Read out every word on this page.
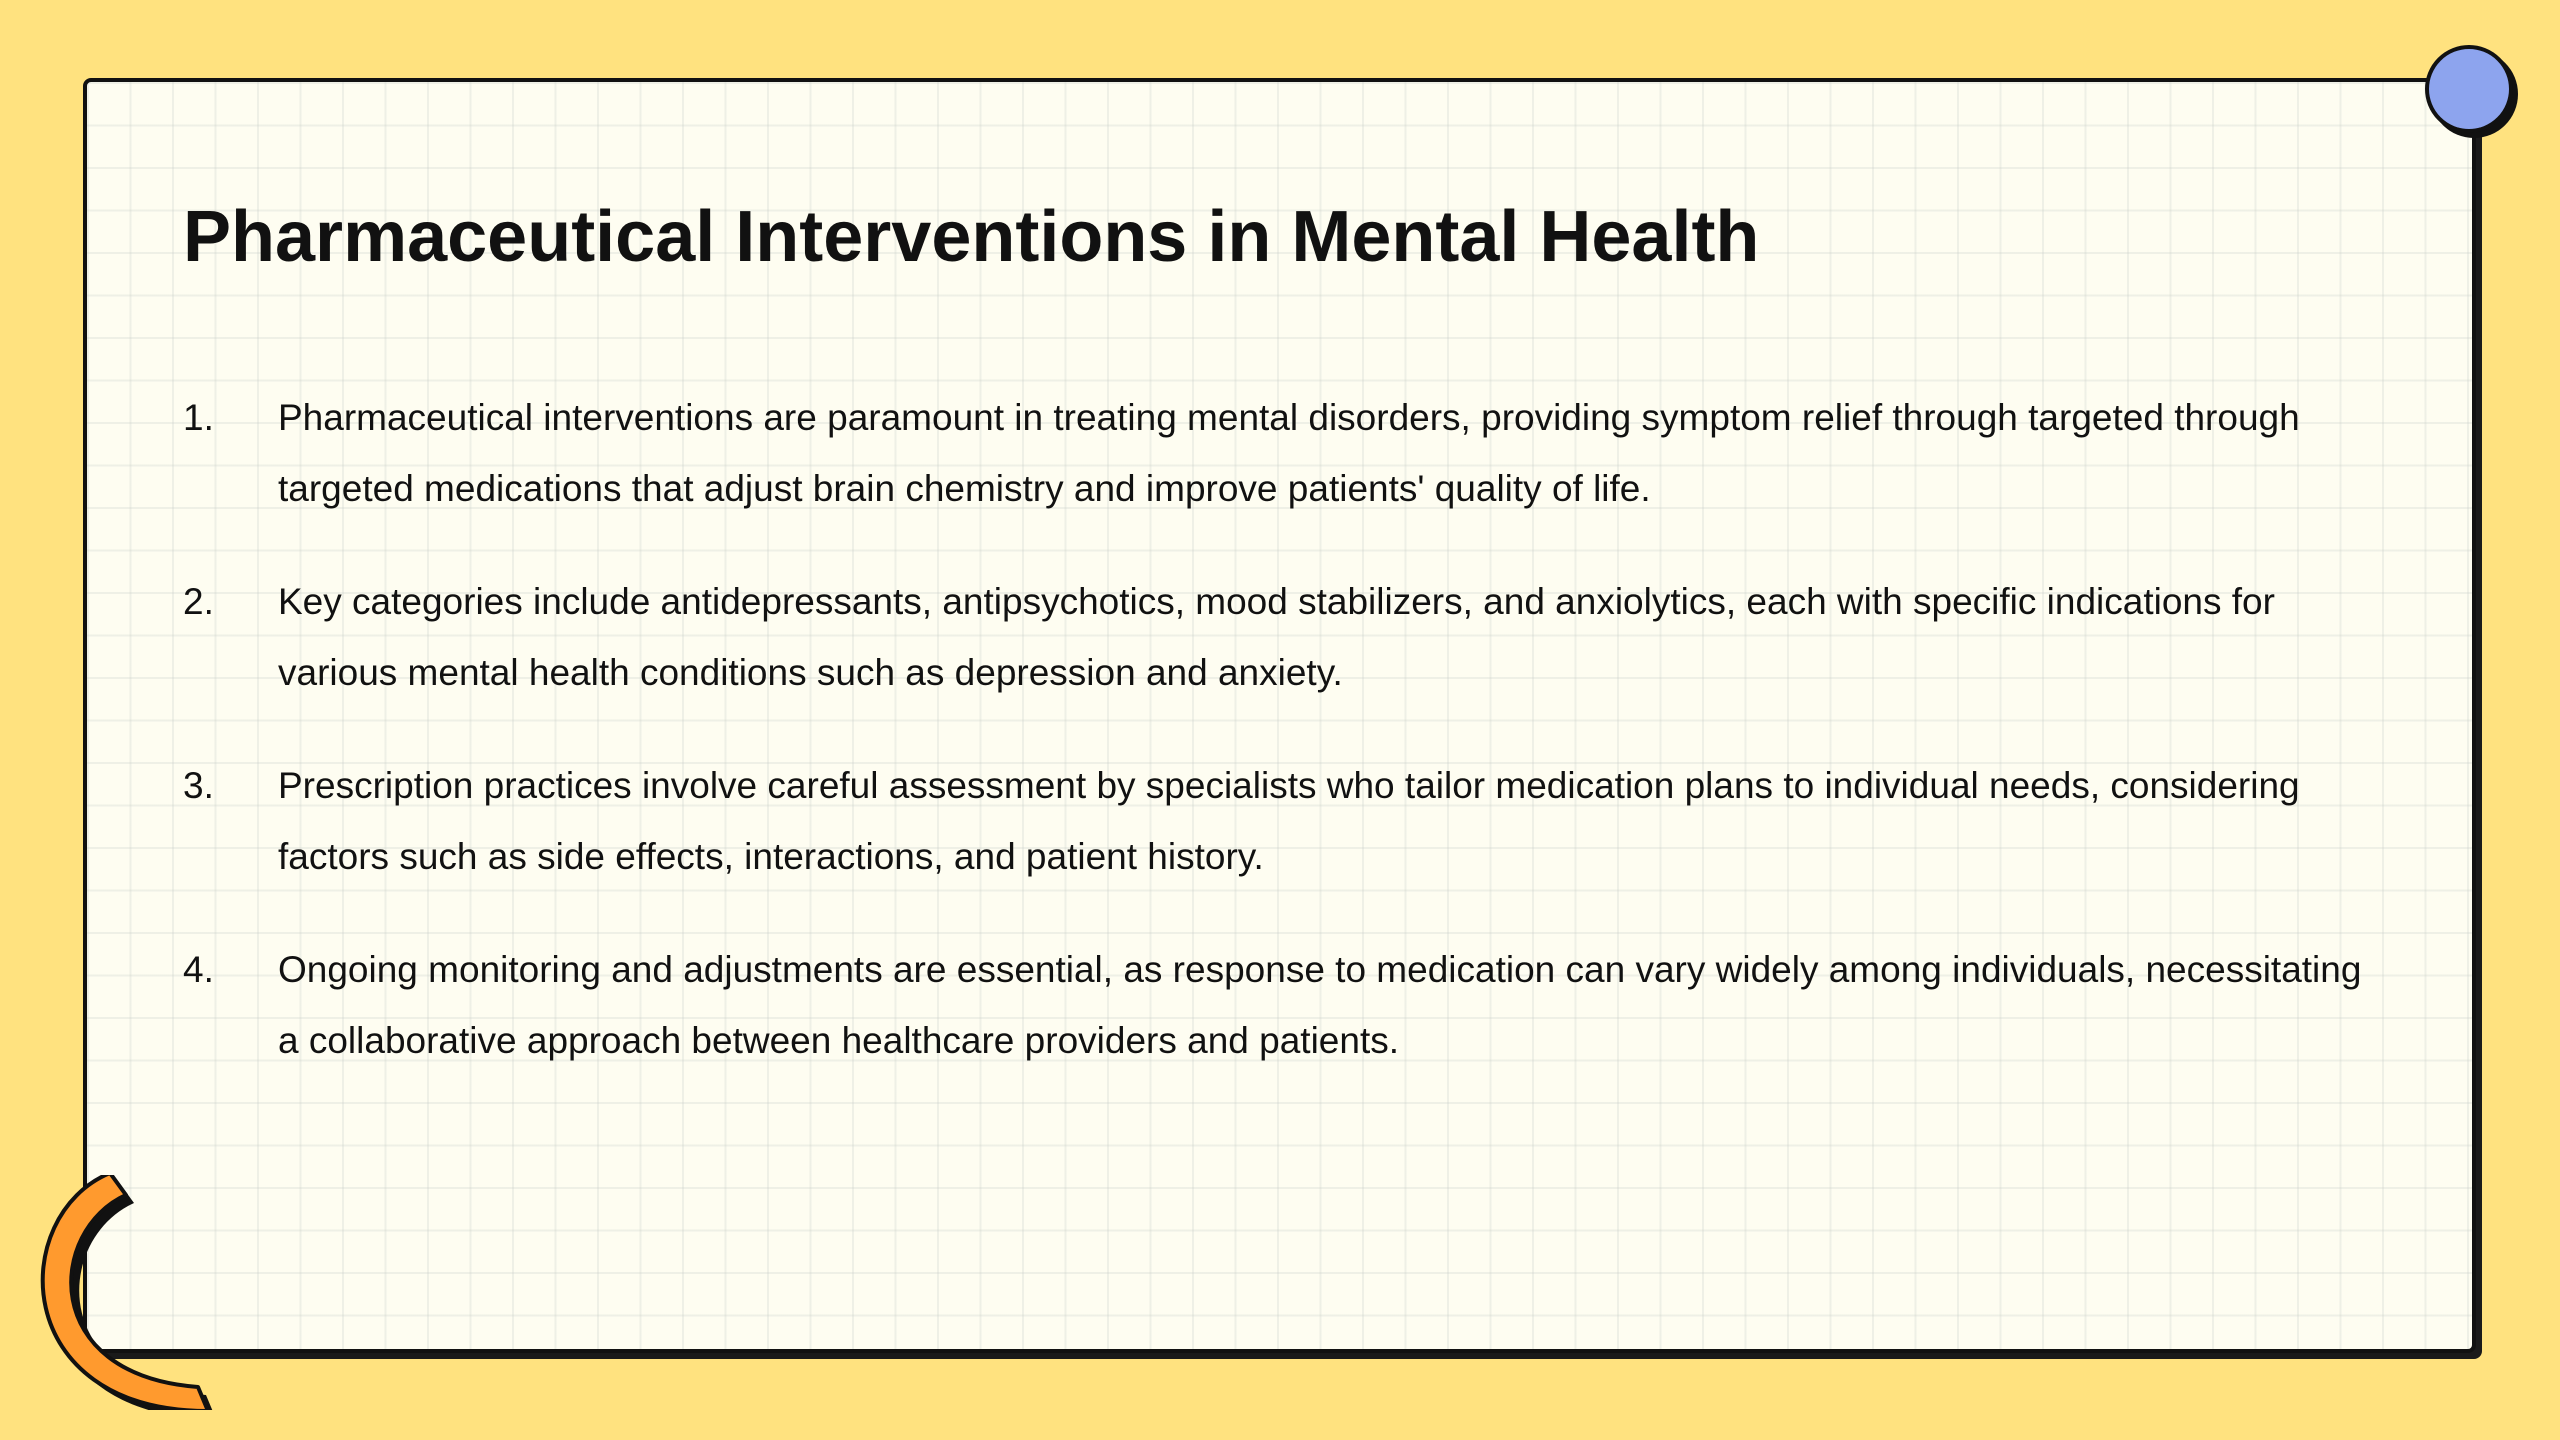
Pharmaceutical Interventions in Mental Health
1. Pharmaceutical interventions are paramount in treating mental disorders, providing symptom relief through targeted through targeted medications that adjust brain chemistry and improve patients' quality of life.
2. Key categories include antidepressants, antipsychotics, mood stabilizers, and anxiolytics, each with specific indications for various mental health conditions such as depression and anxiety.
3. Prescription practices involve careful assessment by specialists who tailor medication plans to individual needs, considering factors such as side effects, interactions, and patient history.
4. Ongoing monitoring and adjustments are essential, as response to medication can vary widely among individuals, necessitating a collaborative approach between healthcare providers and patients.
